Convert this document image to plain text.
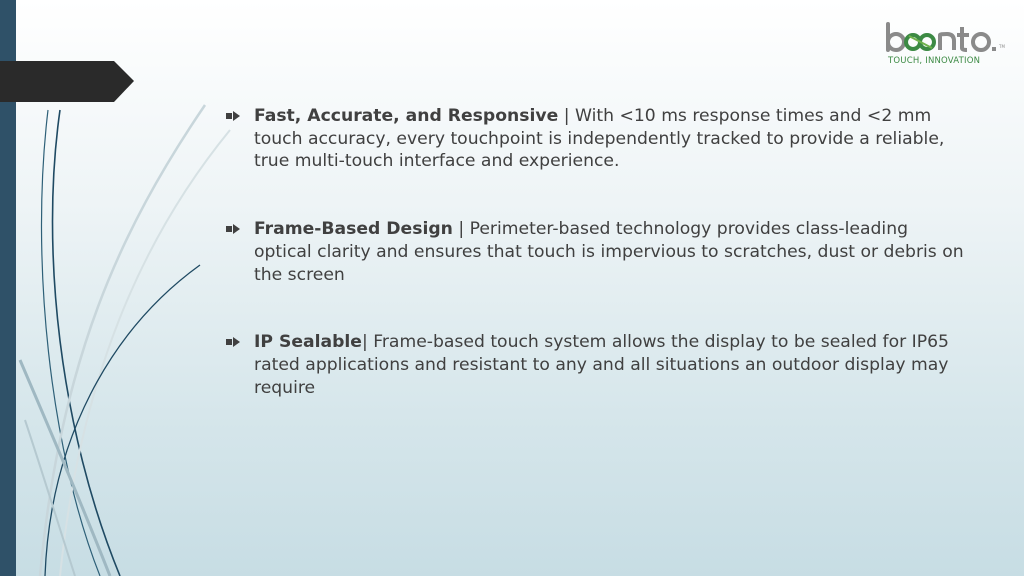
TM
TOUCH, INNOVATION
Fast, Accurate, and Responsive | With <10 ms response times and <2 mm touch accuracy, every touchpoint is independently tracked to provide a reliable, true multi-touch interface and experience.
Frame-Based Design | Perimeter-based technology provides class-leading optical clarity and ensures that touch is impervious to scratches, dust or debris on the screen
IP Sealable| Frame-based touch system allows the display to be sealed for IP65 rated applications and resistant to any and all situations an outdoor display may require
